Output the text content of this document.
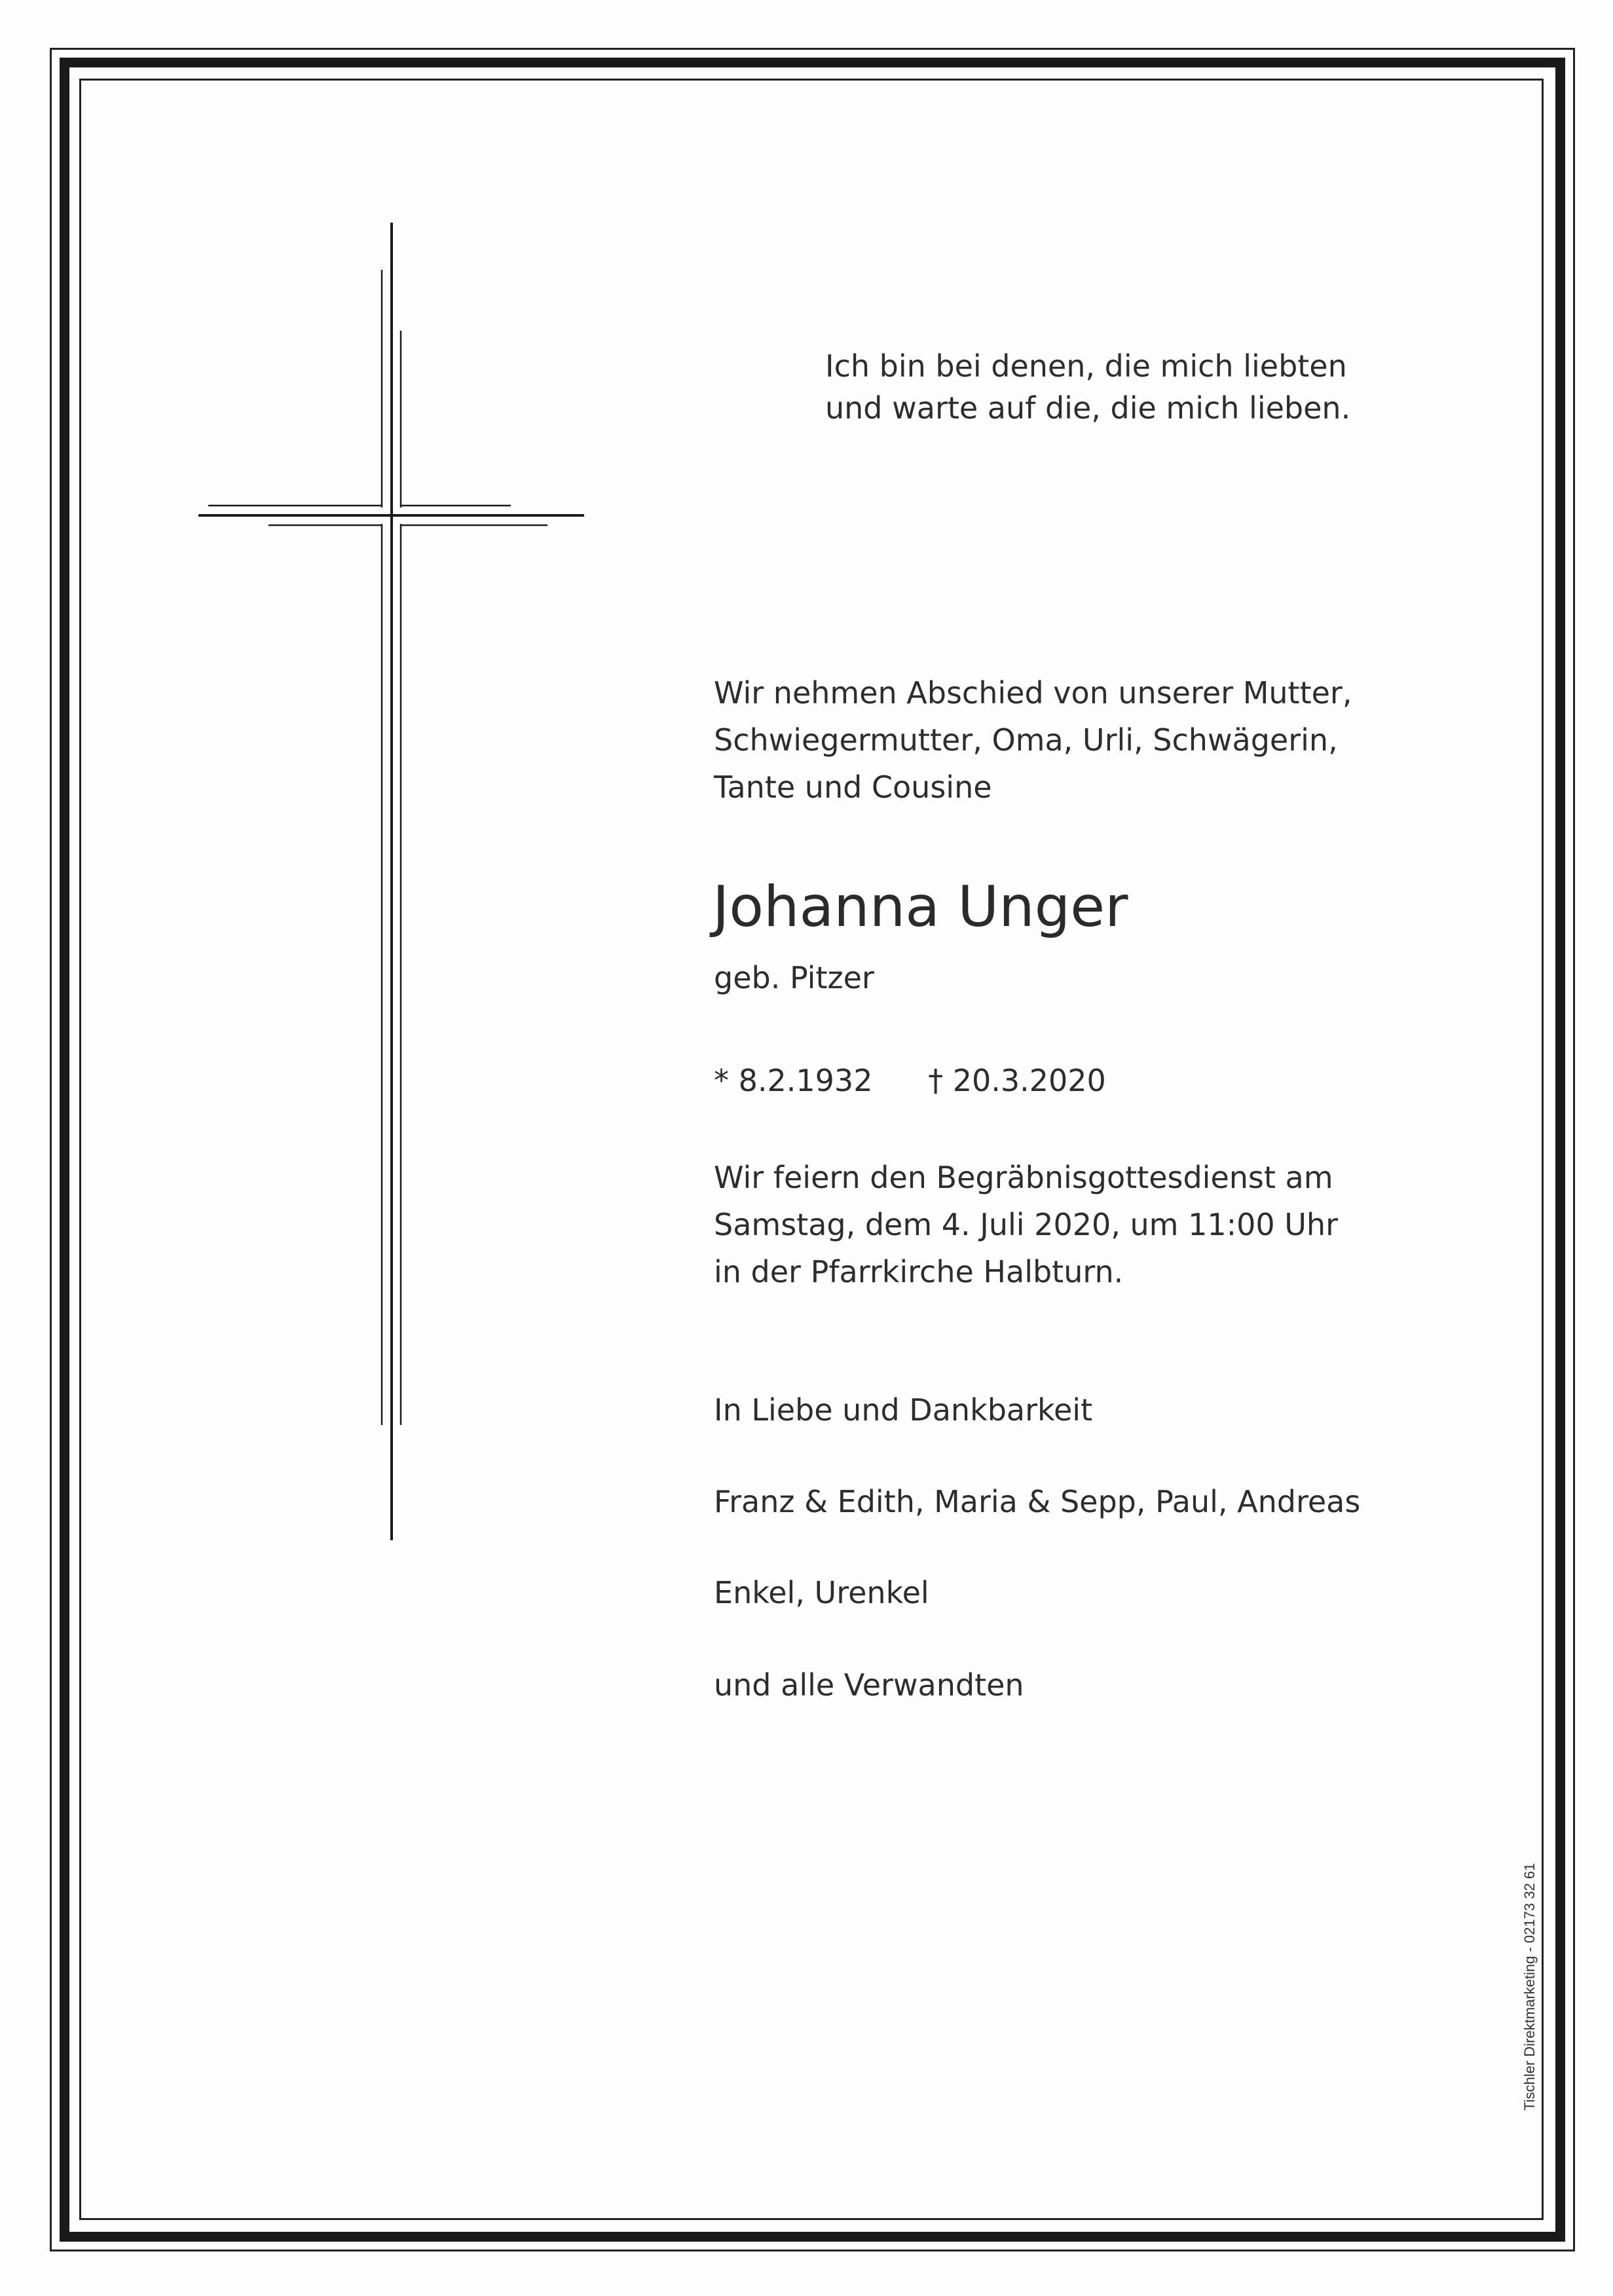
Ich bin bei denen, die mich liebten
und warte auf die, die mich lieben.
Wir nehmen Abschied von unserer Mutter,
Schwiegermutter, Oma, Urli, Schwägerin,
Tante und Cousine
Johanna Unger
geb. Pitzer
* 8.2.1932 † 20.3.2020
Wir feiern den Begräbnisgottesdienst am
Samstag, dem 4. Juli 2020, um 11:00 Uhr
in der Pfarrkirche Halbturn.
In Liebe und Dankbarkeit
Franz & Edith, Maria & Sepp, Paul, Andreas
Enkel, Urenkel
und alle Verwandten
Tischler Direktmarketing - 02173 32 61
